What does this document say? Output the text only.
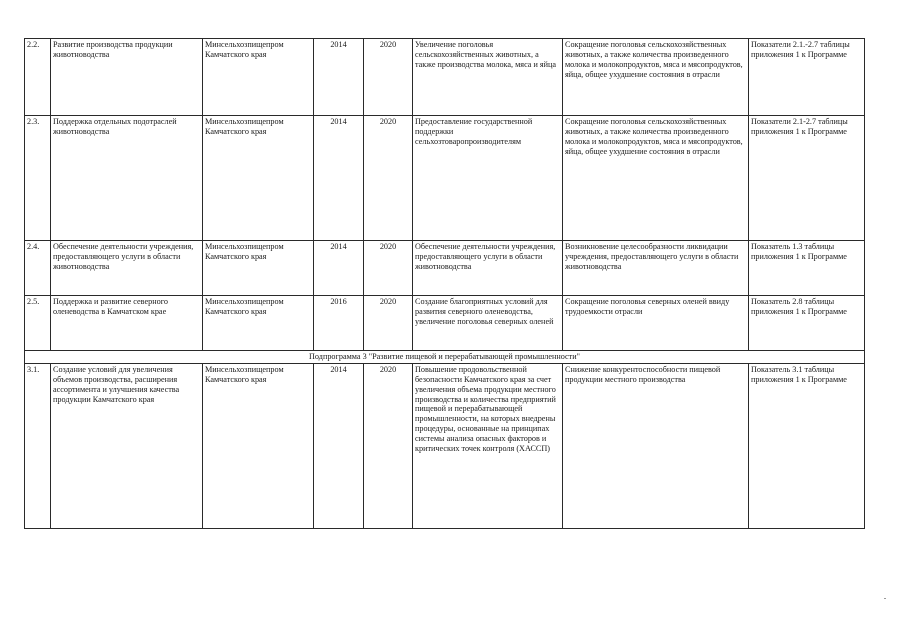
2.2.	Развитие производства продукции животноводства	Минсельхозпищепром Камчатского края	2014	2020	Увеличение поголовья сельскохозяйственных животных, а также производства молока, мяса и яйца	Сокращение поголовья сельскохозяйственных животных, а также количества произведенного молока и молокопродуктов, мяса и мясопродуктов, яйца, общее ухудшение состояния в отрасли	Показатели 2.1.-2.7 таблицы приложения 1 к Программе
2.3.	Поддержка отдельных подотраслей животноводства	Минсельхозпищепром Камчатского края	2014	2020	Предоставление государственной поддержки сельхозтоваропроизводителям	Сокращение поголовья сельскохозяйственных животных, а также количества произведенного молока и молокопродуктов, мяса и мясопродуктов, яйца, общее ухудшение состояния в отрасли	Показатели 2.1-2.7 таблицы приложения 1 к Программе
2.4.	Обеспечение деятельности учреждения, предоставляющего услуги в области животноводства	Минсельхозпищепром Камчатского края	2014	2020	Обеспечение деятельности учреждения, предоставляющего услуги в области животноводства	Возникновение целесообразности ликвидации учреждения, предоставляющего услуги в области животноводства	Показатель 1.3 таблицы приложения 1 к Программе
2.5.	Поддержка и развитие северного оленеводства в Камчатском крае	Минсельхозпищепром Камчатского края	2016	2020	Создание благоприятных условий для развития северного оленеводства, увеличение поголовья северных оленей	Сокращение поголовья северных оленей ввиду трудоемкости отрасли	Показатель 2.8 таблицы приложения 1 к Программе
Подпрограмма 3 "Развитие пищевой и перерабатывающей промышленности"							
3.1.	Создание условий для увеличения объемов производства, расширения ассортимента и улучшения качества продукции Камчатского края	Минсельхозпищепром Камчатского края	2014	2020	Повышение продовольственной безопасности Камчатского края за счет увеличения объема продукции местного производства и количества предприятий пищевой и перерабатывающей промышленности, на которых внедрены процедуры, основанные на принципах системы анализа опасных факторов и критических точек контроля (ХАССП)	Снижение конкурентоспособности пищевой продукции местного производства	Показатель 3.1 таблицы приложения 1 к Программе
